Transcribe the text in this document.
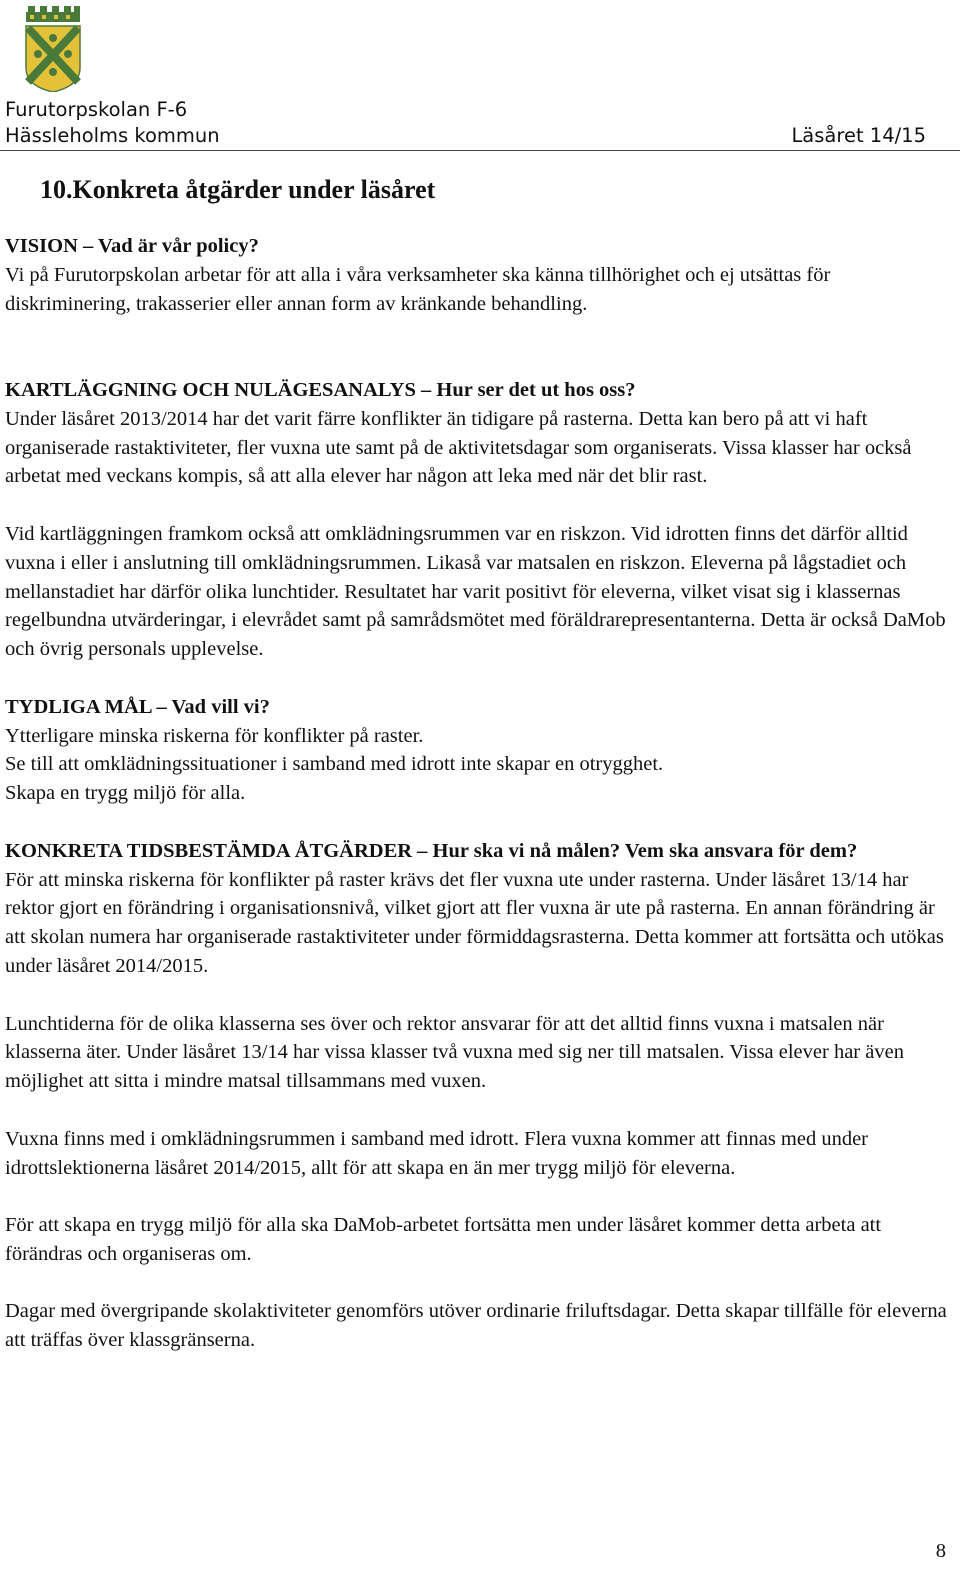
Furutorpskolan F-6
Hässleholms kommun	Läsåret 14/15

10.Konkreta åtgärder under läsåret

VISION – Vad är vår policy?

Vi på Furutorpskolan arbetar för att alla i våra verksamheter ska känna tillhörighet och ej utsättas för diskriminering, trakasserier eller annan form av kränkande behandling.

KARTLÄGGNING OCH NULÄGESANALYS – Hur ser det ut hos oss?

Under läsåret 2013/2014 har det varit färre konflikter än tidigare på rasterna. Detta kan bero på att vi haft organiserade rastaktiviteter, fler vuxna ute samt på de aktivitetsdagar som organiserats. Vissa klasser har också arbetat med veckans kompis, så att alla elever har någon att leka med när det blir rast.

Vid kartläggningen framkom också att omklädningsrummen var en riskzon. Vid idrotten finns det därför alltid vuxna i eller i anslutning till omklädningsrummen. Likaså var matsalen en riskzon. Eleverna på lågstadiet och mellanstadiet har därför olika lunchtider. Resultatet har varit positivt för eleverna, vilket visat sig i klassernas regelbundna utvärderingar, i elevrådet samt på samrådsmötet med föräldrarepresentanterna. Detta är också DaMob och övrig personals upplevelse.

TYDLIGA MÅL – Vad vill vi?

Ytterligare minska riskerna för konflikter på raster.

Se till att omklädningssituationer i samband med idrott inte skapar en otrygghet.

Skapa en trygg miljö för alla.

KONKRETA TIDSBESTÄMDA ÅTGÄRDER – Hur ska vi nå målen? Vem ska ansvara för dem?

För att minska riskerna för konflikter på raster krävs det fler vuxna ute under rasterna. Under läsåret 13/14 har rektor gjort en förändring i organisationsnivå, vilket gjort att fler vuxna är ute på rasterna. En annan förändring är att skolan numera har organiserade rastaktiviteter under förmiddagsrasterna. Detta kommer att fortsätta och utökas under läsåret 2014/2015.

Lunchtiderna för de olika klasserna ses över och rektor ansvarar för att det alltid finns vuxna i matsalen när klasserna äter. Under läsåret 13/14 har vissa klasser två vuxna med sig ner till matsalen. Vissa elever har även möjlighet att sitta i mindre matsal tillsammans med vuxen.

Vuxna finns med i omklädningsrummen i samband med idrott. Flera vuxna kommer att finnas med under idrottslektionerna läsåret 2014/2015, allt för att skapa en än mer trygg miljö för eleverna.

För att skapa en trygg miljö för alla ska DaMob-arbetet fortsätta men under läsåret kommer detta arbeta att förändras och organiseras om.

Dagar med övergripande skolaktiviteter genomförs utöver ordinarie friluftsdagar. Detta skapar tillfälle för eleverna att träffas över klassgränserna.

8
